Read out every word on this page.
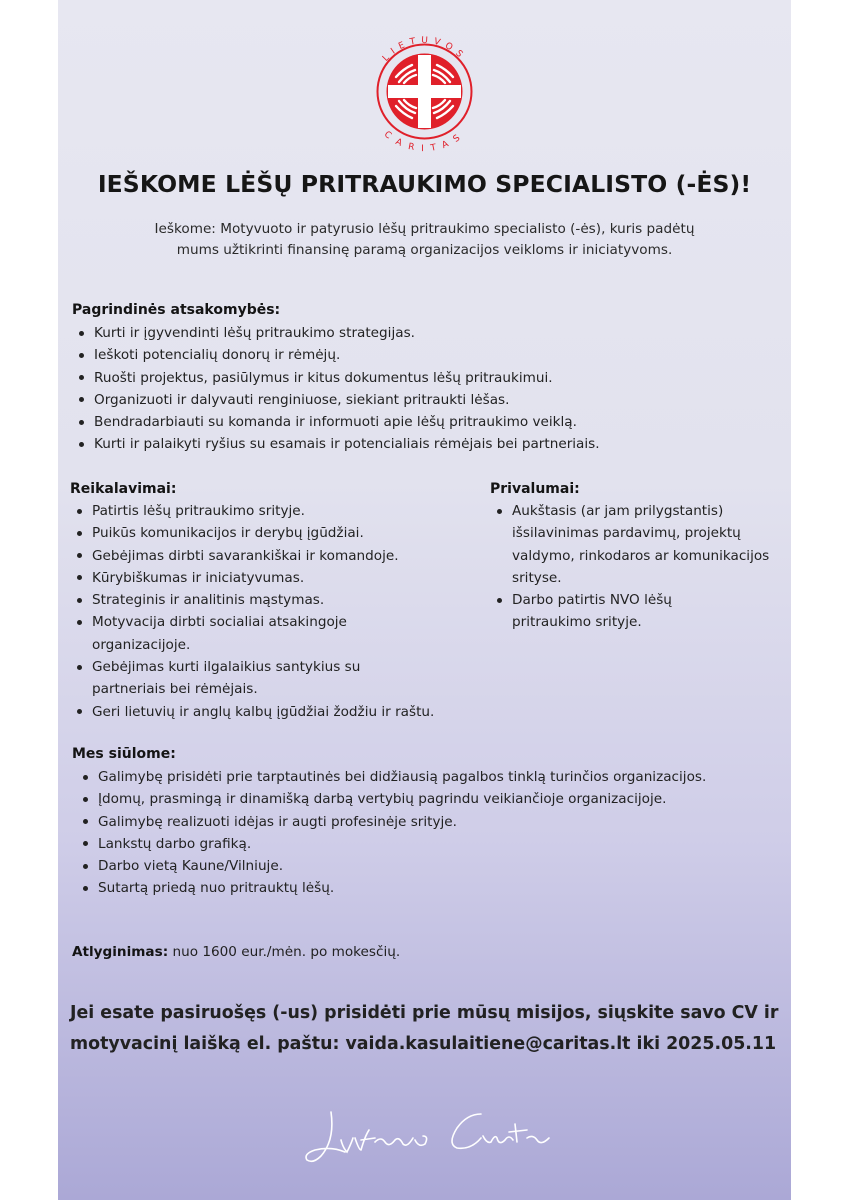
LIETUVOS
CARITAS
IEŠKOME LĖŠŲ PRITRAUKIMO SPECIALISTO (-ĖS)!
Ieškome: Motyvuoto ir patyrusio lėšų pritraukimo specialisto (-ės), kuris padėtų
mums užtikrinti finansinę paramą organizacijos veikloms ir iniciatyvoms.
Pagrindinės atsakomybės:
Kurti ir įgyvendinti lėšų pritraukimo strategijas.
Ieškoti potencialių donorų ir rėmėjų.
Ruošti projektus, pasiūlymus ir kitus dokumentus lėšų pritraukimui.
Organizuoti ir dalyvauti renginiuose, siekiant pritraukti lėšas.
Bendradarbiauti su komanda ir informuoti apie lėšų pritraukimo veiklą.
Kurti ir palaikyti ryšius su esamais ir potencialiais rėmėjais bei partneriais.
Reikalavimai:
Patirtis lėšų pritraukimo srityje.
Puikūs komunikacijos ir derybų įgūdžiai.
Gebėjimas dirbti savarankiškai ir komandoje.
Kūrybiškumas ir iniciatyvumas.
Strateginis ir analitinis mąstymas.
Motyvacija dirbti socialiai atsakingoje organizacijoje.
Gebėjimas kurti ilgalaikius santykius su partneriais bei rėmėjais.
Geri lietuvių ir anglų kalbų įgūdžiai žodžiu ir raštu.
Privalumai:
Aukštasis (ar jam prilygstantis) išsilavinimas pardavimų, projektų valdymo, rinkodaros ar komunikacijos srityse.
Darbo patirtis NVO lėšų pritraukimo srityje.
Mes siūlome:
Galimybę prisidėti prie tarptautinės bei didžiausią pagalbos tinklą turinčios organizacijos.
Įdomų, prasmingą ir dinamišką darbą vertybių pagrindu veikiančioje organizacijoje.
Galimybę realizuoti idėjas ir augti profesinėje srityje.
Lankstų darbo grafiką.
Darbo vietą Kaune/Vilniuje.
Sutartą priedą nuo pritrauktų lėšų.
Atlyginimas: nuo 1600 eur./mėn. po mokesčių.
Jei esate pasiruošęs (-us) prisidėti prie mūsų misijos, siųskite savo CV ir
motyvacinį laišką el. paštu: vaida.kasulaitiene@caritas.lt iki 2025.05.11
